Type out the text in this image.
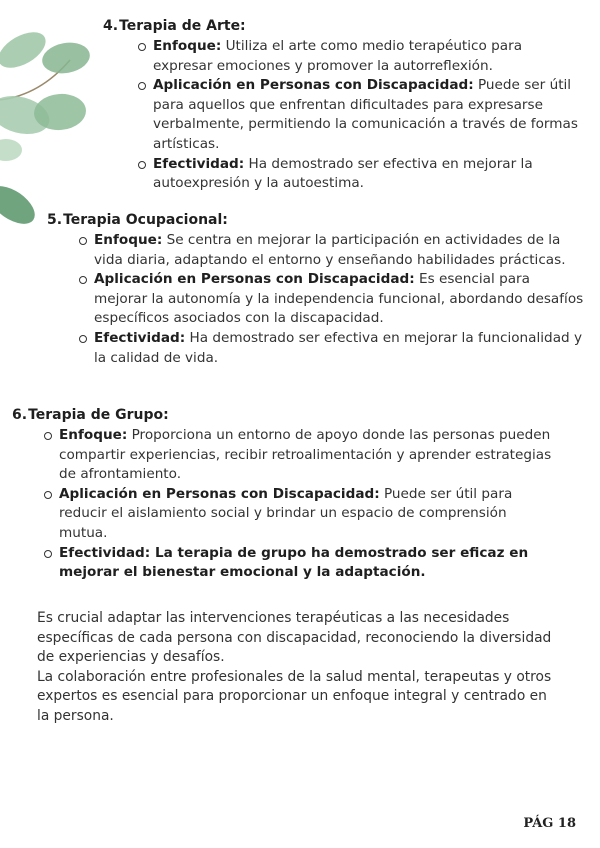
4.Terapia de Arte:
Enfoque: Utiliza el arte como medio terapéutico para expresar emociones y promover la autorreflexión.
Aplicación en Personas con Discapacidad: Puede ser útil para aquellos que enfrentan dificultades para expresarse verbalmente, permitiendo la comunicación a través de formas artísticas.
Efectividad: Ha demostrado ser efectiva en mejorar la autoexpresión y la autoestima.
5.Terapia Ocupacional:
Enfoque: Se centra en mejorar la participación en actividades de la vida diaria, adaptando el entorno y enseñando habilidades prácticas.
Aplicación en Personas con Discapacidad: Es esencial para mejorar la autonomía y la independencia funcional, abordando desafíos específicos asociados con la discapacidad.
Efectividad: Ha demostrado ser efectiva en mejorar la funcionalidad y la calidad de vida.
6.Terapia de Grupo:
Enfoque: Proporciona un entorno de apoyo donde las personas pueden compartir experiencias, recibir retroalimentación y aprender estrategias de afrontamiento.
Aplicación en Personas con Discapacidad: Puede ser útil para reducir el aislamiento social y brindar un espacio de comprensión mutua.
Efectividad: La terapia de grupo ha demostrado ser eficaz en mejorar el bienestar emocional y la adaptación.

Es crucial adaptar las intervenciones terapéuticas a las necesidades específicas de cada persona con discapacidad, reconociendo la diversidad de experiencias y desafíos.

La colaboración entre profesionales de la salud mental, terapeutas y otros expertos es esencial para proporcionar un enfoque integral y centrado en la persona.

PÁG 18
